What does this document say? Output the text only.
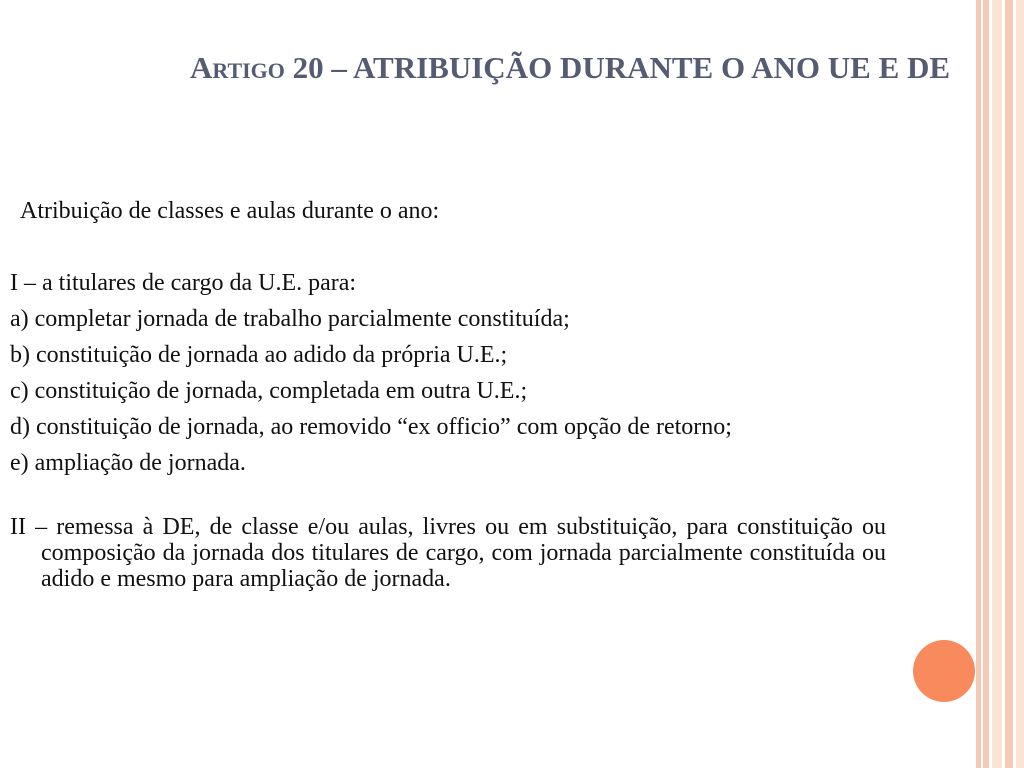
Artigo 20 – ATRIBUIÇÃO DURANTE O ANO UE E DE

Atribuição de classes e aulas durante o ano:

I – a titulares de cargo da U.E. para:

a) completar jornada de trabalho parcialmente constituída;

b) constituição de jornada ao adido da própria U.E.;

c) constituição de jornada, completada em outra U.E.;

d) constituição de jornada, ao removido “ex officio” com opção de retorno;

e) ampliação de jornada.

II – remessa à DE, de classe e/ou aulas, livres ou em substituição, para constituição ou composição da jornada dos titulares de cargo, com jornada parcialmente constituída ou adido e mesmo para ampliação de jornada.
